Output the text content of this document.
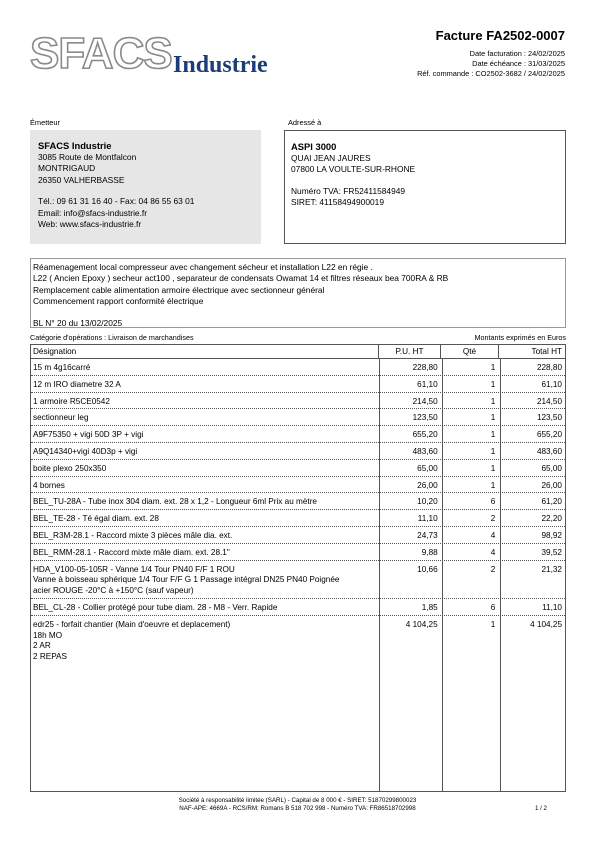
SFACS Industrie
Facture FA2502-0007
Date facturation : 24/02/2025
Date échéance : 31/03/2025
Réf. commande : CO2502-3682 / 24/02/2025
Émetteur
SFACS Industrie
3085 Route de Montfalcon
MONTRIGAUD
26350 VALHERBASSE
Tél.: 09 61 31 16 40 - Fax: 04 86 55 63 01
Email: info@sfacs-industrie.fr
Web: www.sfacs-industrie.fr
Adressé à
ASPI 3000
QUAI JEAN JAURES
07800 LA VOULTE-SUR-RHONE
Numéro TVA: FR52411584949
SIRET: 41158494900019
Réamenagement local compresseur avec changement sécheur et installation L22 en régie .
L22 ( Ancien Epoxy ) secheur act100 , separateur de condensats Owamat 14 et filtres réseaux bea 700RA & RB
Remplacement cable alimentation armoire électrique avec sectionneur général
Commencement rapport conformité électrique
BL N° 20 du 13/02/2025
Catégorie d'opérations : Livraison de marchandises	Montants exprimés en Euros
Désignation	P.U. HT	Qté	Total HT
15 m 4g16carré	228,80	1	228,80
12 m IRO diametre 32 A	61,10	1	61,10
1 armoire R5CE0542	214,50	1	214,50
sectionneur leg	123,50	1	123,50
A9F75350 + vigi 50D 3P + vigi	655,20	1	655,20
A9Q14340+vigi 40D3p + vigi	483,60	1	483,60
boite plexo 250x350	65,00	1	65,00
4 bornes	26,00	1	26,00
BEL_TU-28A - Tube inox 304 diam. ext. 28 x 1,2 - Longueur 6ml Prix au mètre	10,20	6	61,20
BEL_TE-28 - Té égal diam. ext. 28	11,10	2	22,20
BEL_R3M-28.1 - Raccord mixte 3 pièces mâle dia. ext.	24,73	4	98,92
BEL_RMM-28.1 - Raccord mixte mâle diam. ext. 28.1"	9,88	4	39,52
HDA_V100-05-105R - Vanne 1/4 Tour PN40 F/F 1 ROU
Vanne à boisseau sphérique 1/4 Tour F/F G 1 Passage intégral DN25 PN40 Poignée
acier ROUGE -20°C à +150°C (sauf vapeur)
10,66	2	21,32
BEL_CL-28 - Collier protégé pour tube diam. 28 - M8 - Verr. Rapide	1,85	6	11,10
edr25 - forfait chantier (Main d'oeuvre et deplacement)
18h MO
2 AR
2 REPAS
4 104,25	1	4 104,25
Société à responsabilité limitée (SARL) - Capital de 8 000 € - SIRET: 51870299800023
NAF-APE: 4669A - RCS/RM: Romans B 518 702 998 - Numéro TVA: FR86518702998	1 / 2
